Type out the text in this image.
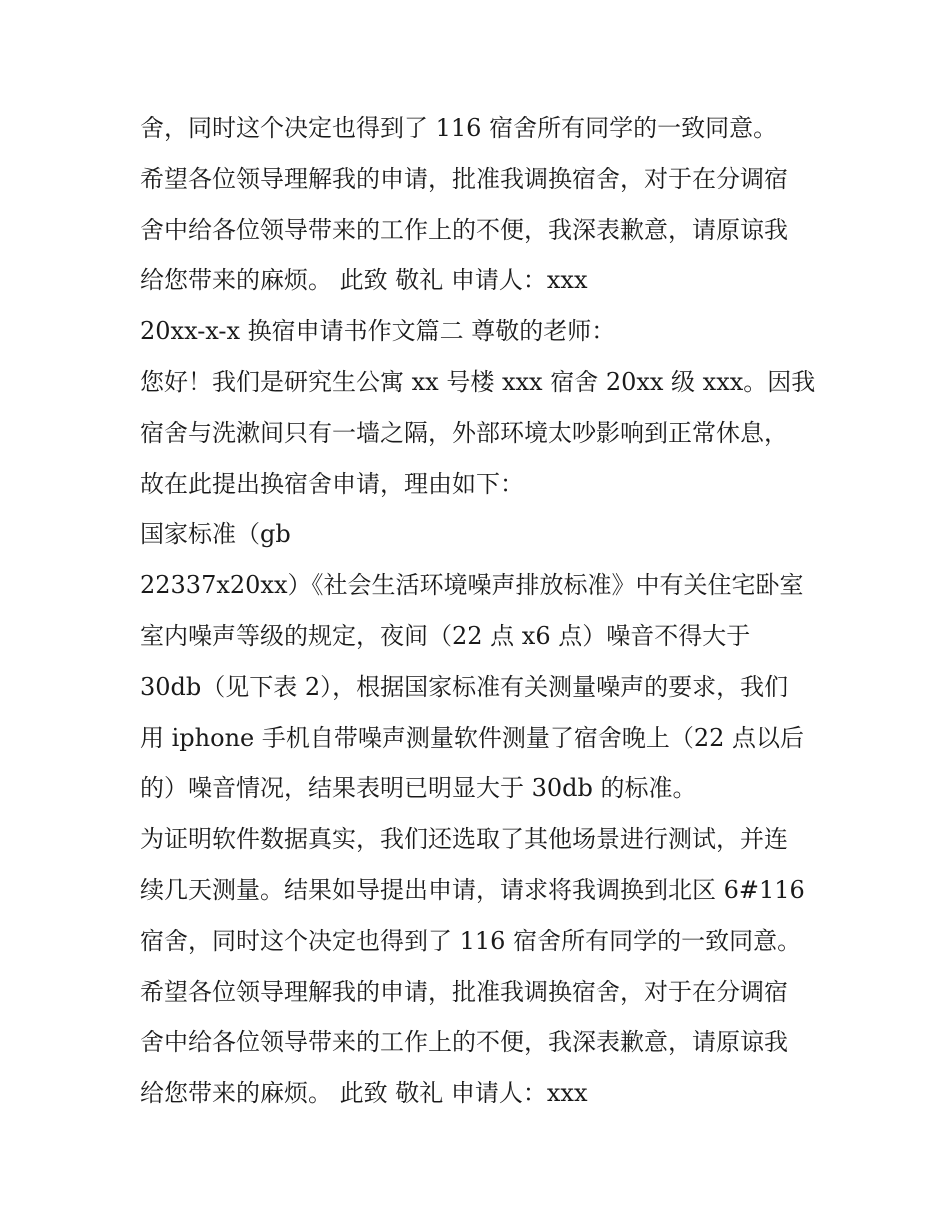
舍，同时这个决定也得到了 116 宿舍所有同学的一致同意。
希望各位领导理解我的申请，批准我调换宿舍，对于在分调宿
舍中给各位领导带来的工作上的不便，我深表歉意，请原谅我
给您带来的麻烦。 此致 敬礼 申请人：xxx
20xx-x-x 换宿申请书作文篇二 尊敬的老师：
您好！我们是研究生公寓 xx 号楼 xxx 宿舍 20xx 级 xxx。因我
宿舍与洗漱间只有一墙之隔，外部环境太吵影响到正常休息，
故在此提出换宿舍申请，理由如下：
国家标准（gb
22337x20xx）《社会生活环境噪声排放标准》中有关住宅卧室
室内噪声等级的规定，夜间（22 点 x6 点）噪音不得大于
30db（见下表 2），根据国家标准有关测量噪声的要求，我们
用 iphone 手机自带噪声测量软件测量了宿舍晚上（22 点以后
的）噪音情况，结果表明已明显大于 30db 的标准。
为证明软件数据真实，我们还选取了其他场景进行测试，并连
续几天测量。结果如导提出申请，请求将我调换到北区 6#116
宿舍，同时这个决定也得到了 116 宿舍所有同学的一致同意。
希望各位领导理解我的申请，批准我调换宿舍，对于在分调宿
舍中给各位领导带来的工作上的不便，我深表歉意，请原谅我
给您带来的麻烦。 此致 敬礼 申请人：xxx
